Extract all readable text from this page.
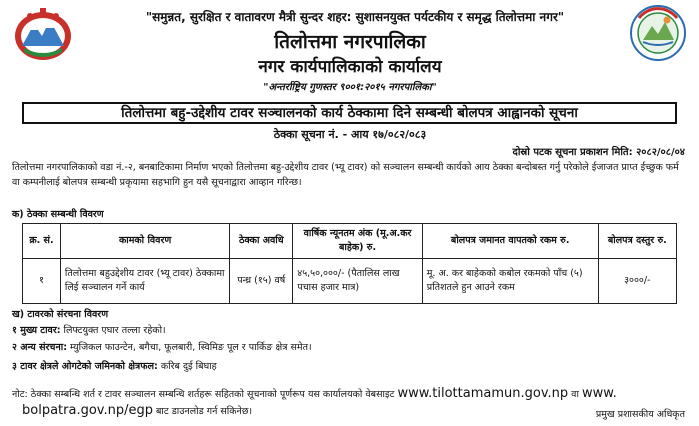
"समुन्नत, सुरक्षित र वातावरण मैत्री सुन्दर शहर: सुशासनयुक्त पर्यटकीय र समृद्ध तिलोत्तमा नगर"
तिलोत्तमा नगरपालिका
नगर कार्यपालिकाको कार्यालय
"अन्तर्राष्ट्रिय गुणस्तर ९००१:२०१५ नगरपालिका"
तिलोत्तमा बहु-उद्देशीय टावर सञ्चालनको कार्य ठेक्कामा दिने सम्बन्धी बोलपत्र आह्वानको सूचना
ठेक्का सूचना नं. - आय १७/०८२/०८३
दोस्रो पटक सूचना प्रकाशन मिति: २०८२/०८/०४
तिलोत्तमा नगरपालिकाको वडा नं.-२, बनबाटिकामा निर्माण भएको तिलोत्तमा बहु-उद्देशीय टावर (भ्यू टावर) को सञ्चालन सम्बन्धी कार्यको आय ठेक्का बन्दोबस्त गर्नु परेकोले ईजाजत प्राप्त ईच्छुक फर्म वा कम्पनीलाई बोलपत्र सम्बन्धी प्रकृयामा सहभागि हुन यसै सूचनाद्वारा आव्हान गरिन्छ।
क) ठेक्का सम्बन्धी विवरण
क्र. सं.	कामको विवरण	ठेक्का अवधि	वार्षिक न्यूनतम अंक (मू.अ.कर बाहेक) रु.	बोलपत्र जमानत वापतको रकम रु.	बोलपत्र दस्तुर रु.
१	तिलोत्तमा बहुउद्देशीय टावर (भ्यू टावर) ठेक्कामा लिई सञ्चालन गर्ने कार्य	पन्ध्र (१५) वर्ष	४५,५०,०००/- (पैतालिस लाख पचास हजार मात्र)	मू. अ. कर बाहेकको कबोल रकमको पाँच (५) प्रतिशतले हुन आउने रकम	३०००/-
ख) टावरको संरचना विवरण
१ मुख्य टावर: लिफ्टयुक्त एघार तल्ला रहेको।
२ अन्य संरचना: म्युजिकल फाउन्टेन, बगैचा, फूलबारी, स्विमिङ पूल र पार्किङ क्षेत्र समेत।
३ टावर क्षेत्रले ओगटेको जमिनको क्षेत्रफल: करिब दुई बिघाह
नोट: ठेक्का सम्बन्धि शर्त र टावर सञ्चालन सम्बन्धि शर्तहरू सहितको सूचनाको पूर्णरूप यस कार्यालयको वेबसाइट www.tilottamamun.gov.np वा www.
bolpatra.gov.np/egp बाट डाउनलोड गर्न सकिनेछ।	प्रमुख प्रशासकीय अधिकृत
